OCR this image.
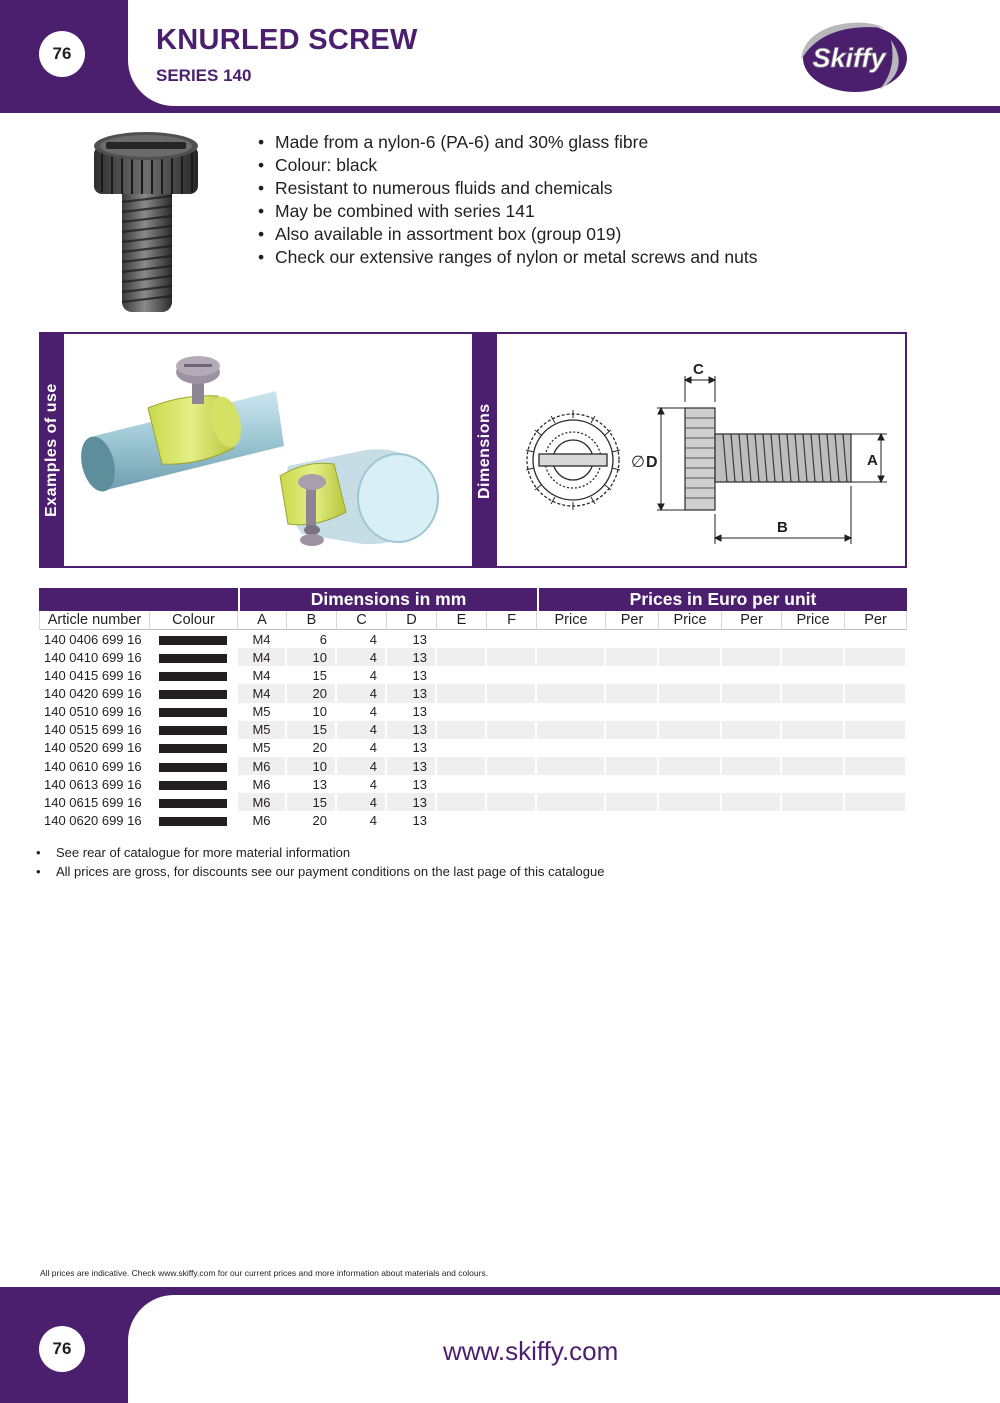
76	KNURLED SCREW
SERIES 140
Skiffy
• Made from a nylon-6 (PA-6) and 30% glass fibre
• Colour: black
• Resistant to numerous fluids and chemicals
• May be combined with series 141
• Also available in assortment box (group 019)
• Check our extensive ranges of nylon or metal screws and nuts
Examples of use	Dimensions	∅ D
C
A
B
		Dimensions in mm						Prices in Euro per unit					
Article number	Colour	A	B	C	D	E	F	Price	Per	Price	Per	Price	Per
140 0406 699 16		M4	6	4	13								
140 0410 699 16		M4	10	4	13								
140 0415 699 16		M4	15	4	13								
140 0420 699 16		M4	20	4	13								
140 0510 699 16		M5	10	4	13								
140 0515 699 16		M5	15	4	13								
140 0520 699 16		M5	20	4	13								
140 0610 699 16		M6	10	4	13								
140 0613 699 16		M6	13	4	13								
140 0615 699 16		M6	15	4	13								
140 0620 699 16		M6	20	4	13								
• See rear of catalogue for more material information
• All prices are gross, for discounts see our payment conditions on the last page of this catalogue
All prices are indicative. Check www.skiffy.com for our current prices and more information about materials and colours.
76	www.skiffy.com
